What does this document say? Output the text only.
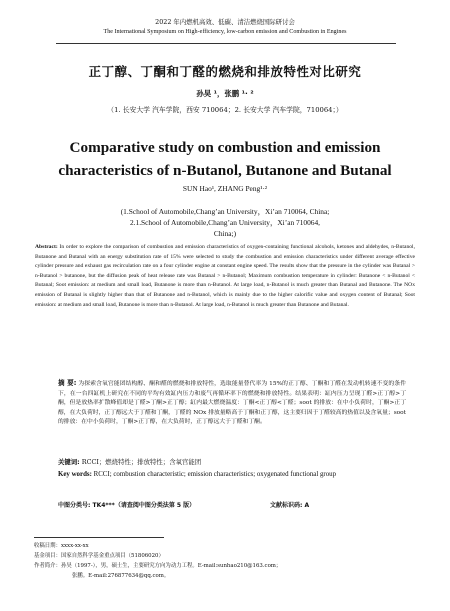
2022 年内燃机高效、低碳、清洁燃烧国际研讨会
The International Symposium on High-efficiency, low-carbon emission and Combustion in Engines
正丁醇、丁酮和丁醛的燃烧和排放特性对比研究
孙昊 ¹，张鹏 ¹· ²
（1. 长安大学 汽车学院，西安 710064；2. 长安大学 汽车学院，710064；）
Comparative study on combustion and emission characteristics of n-Butanol, Butanone and Butanal
SUN Hao¹, ZHANG Peng¹·²
(1.School of Automobile,Chang’an University，Xi’an 710064, China; 2.1.School of Automobile,Chang’an University，Xi’an 710064, China;)
Abstract: In order to explore the comparison of combustion and emission characteristics of oxygen-containing functional alcohols, ketones and aldehydes, n-Butanol, Butanone and Butanal with an energy substitution rate of 15% were selected to study the combustion and emission characteristics under different average effective cylinder pressure and exhaust gas recirculation rate on a four cylinder engine at constant engine speed. The results show that the pressure in the cylinder was Butanal > n-Butanol > butanone, but the diffusion peak of heat release rate was Butanal > n-Butanol; Maximum combustion temperature in cylinder: Butanone < n-Butanol < Butanal; Soot emission: at medium and small load, Butanone is more than n-Butanol. At large load, n-Butanol is much greater than Butanal and Butanone. The NOx emission of Butanal is slightly higher than that of Butanone and n-Butanol, which is mainly due to the higher calorific value and oxygen content of Butanal; Soot emission: at medium and small load, Butanone is more than n-Butanol. At large load, n-Butanol is much greater than Butanone and Butanal.
摘 要: 为探索含氧官能团结构醇、酮和醛的燃烧和排放特性，选取能量替代率为 15%的正丁醇、丁酮和丁醛在发动机转速不变的条件下，在一台四缸机上研究在不同的平均有效缸内压力和废气再循环率下的燃烧和排放特性。结果表明：缸内压力呈现丁醛>正丁醇>丁酮，但是放热率扩散峰值却是丁醛>丁酮>正丁醇；缸内最大燃烧温度：丁酮<正丁醇<丁醛；soot 的排放：在中小负荷时，丁酮>正丁醇，在大负荷时，正丁醇远大于丁醛和丁酮，丁醛的 NOx 排放量略高于丁酮和正丁醇，这主要归因于丁醛较高的热值以及含氧量；soot 的排放：在中小负荷时，丁酮>正丁醇，在大负荷时，正丁醇远大于丁醛和丁酮。
关键词: RCCI；燃烧特性；排放特性；含氧官能团
Key words: RCCI; combustion characteristic; emission characteristics; oxygenated functional group
中图分类号: TK4***（请查阅中图分类法第 5 版）	文献标识码: A
收稿日期：xxxx-xx-xx
基金项目：国家自然科学基金重点项目（51806020）
作者简介：孙昊（1997-），男，硕士生，主要研究方向为动力工程。E-mail:sunhao210@163.com；
张鹏。E-mail:276877634@qq.com。
